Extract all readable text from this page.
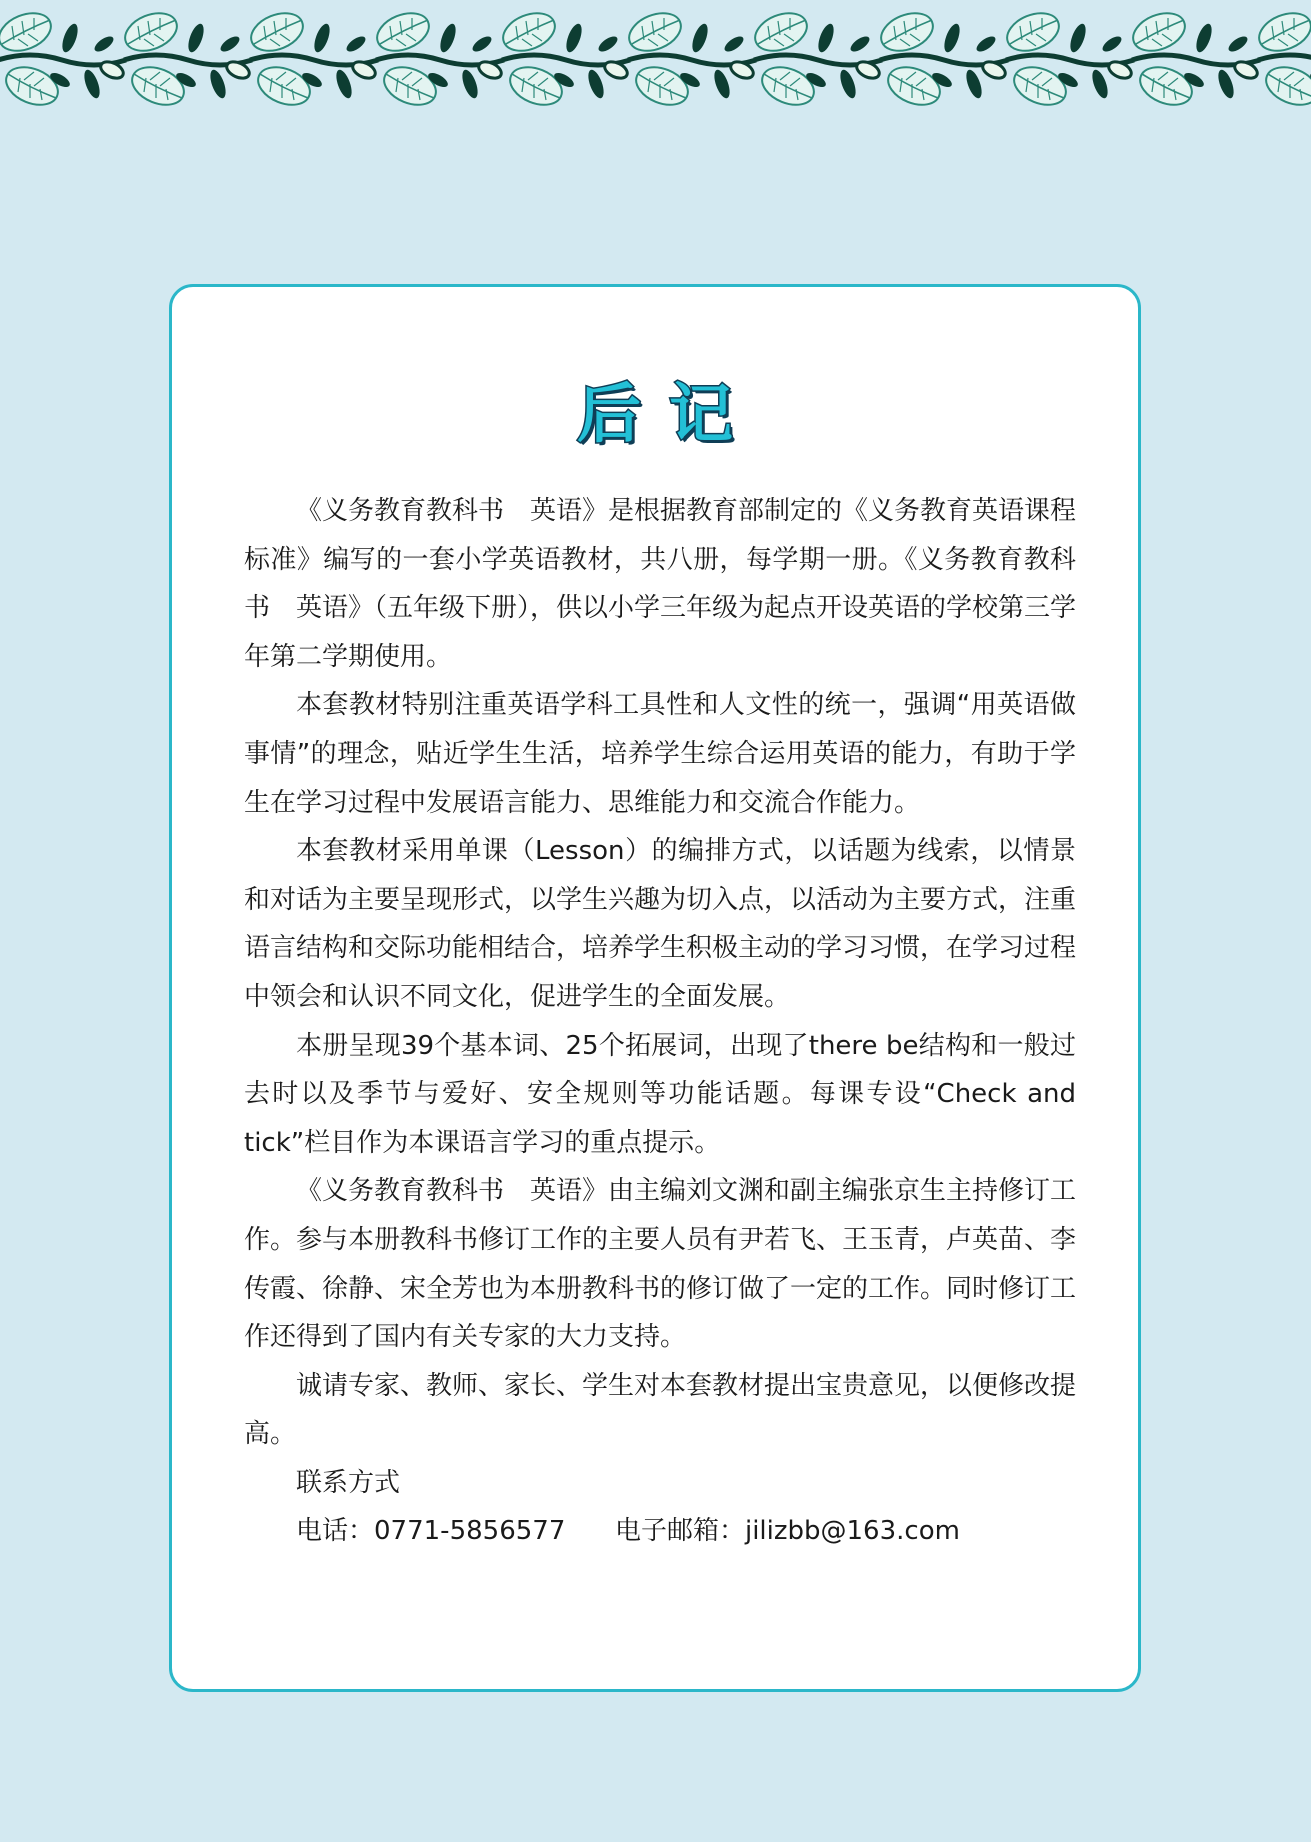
后记

《义务教育教科书　英语》是根据教育部制定的《义务教育英语课程标准》编写的一套小学英语教材，共八册，每学期一册。《义务教育教科书　英语》（五年级下册），供以小学三年级为起点开设英语的学校第三学年第二学期使用。

本套教材特别注重英语学科工具性和人文性的统一，强调“用英语做事情”的理念，贴近学生生活，培养学生综合运用英语的能力，有助于学生在学习过程中发展语言能力、思维能力和交流合作能力。

本套教材采用单课（Lesson）的编排方式，以话题为线索，以情景和对话为主要呈现形式，以学生兴趣为切入点，以活动为主要方式，注重语言结构和交际功能相结合，培养学生积极主动的学习习惯，在学习过程中领会和认识不同文化，促进学生的全面发展。

本册呈现39个基本词、25个拓展词，出现了there be结构和一般过去时以及季节与爱好、安全规则等功能话题。每课专设“Check and tick”栏目作为本课语言学习的重点提示。

《义务教育教科书　英语》由主编刘文渊和副主编张京生主持修订工作。参与本册教科书修订工作的主要人员有尹若飞、王玉青，卢英苗、李传霞、徐静、宋全芳也为本册教科书的修订做了一定的工作。同时修订工作还得到了国内有关专家的大力支持。

诚请专家、教师、家长、学生对本套教材提出宝贵意见，以便修改提高。

联系方式

电话：0771-5856577 电子邮箱：jilizbb@163.com
